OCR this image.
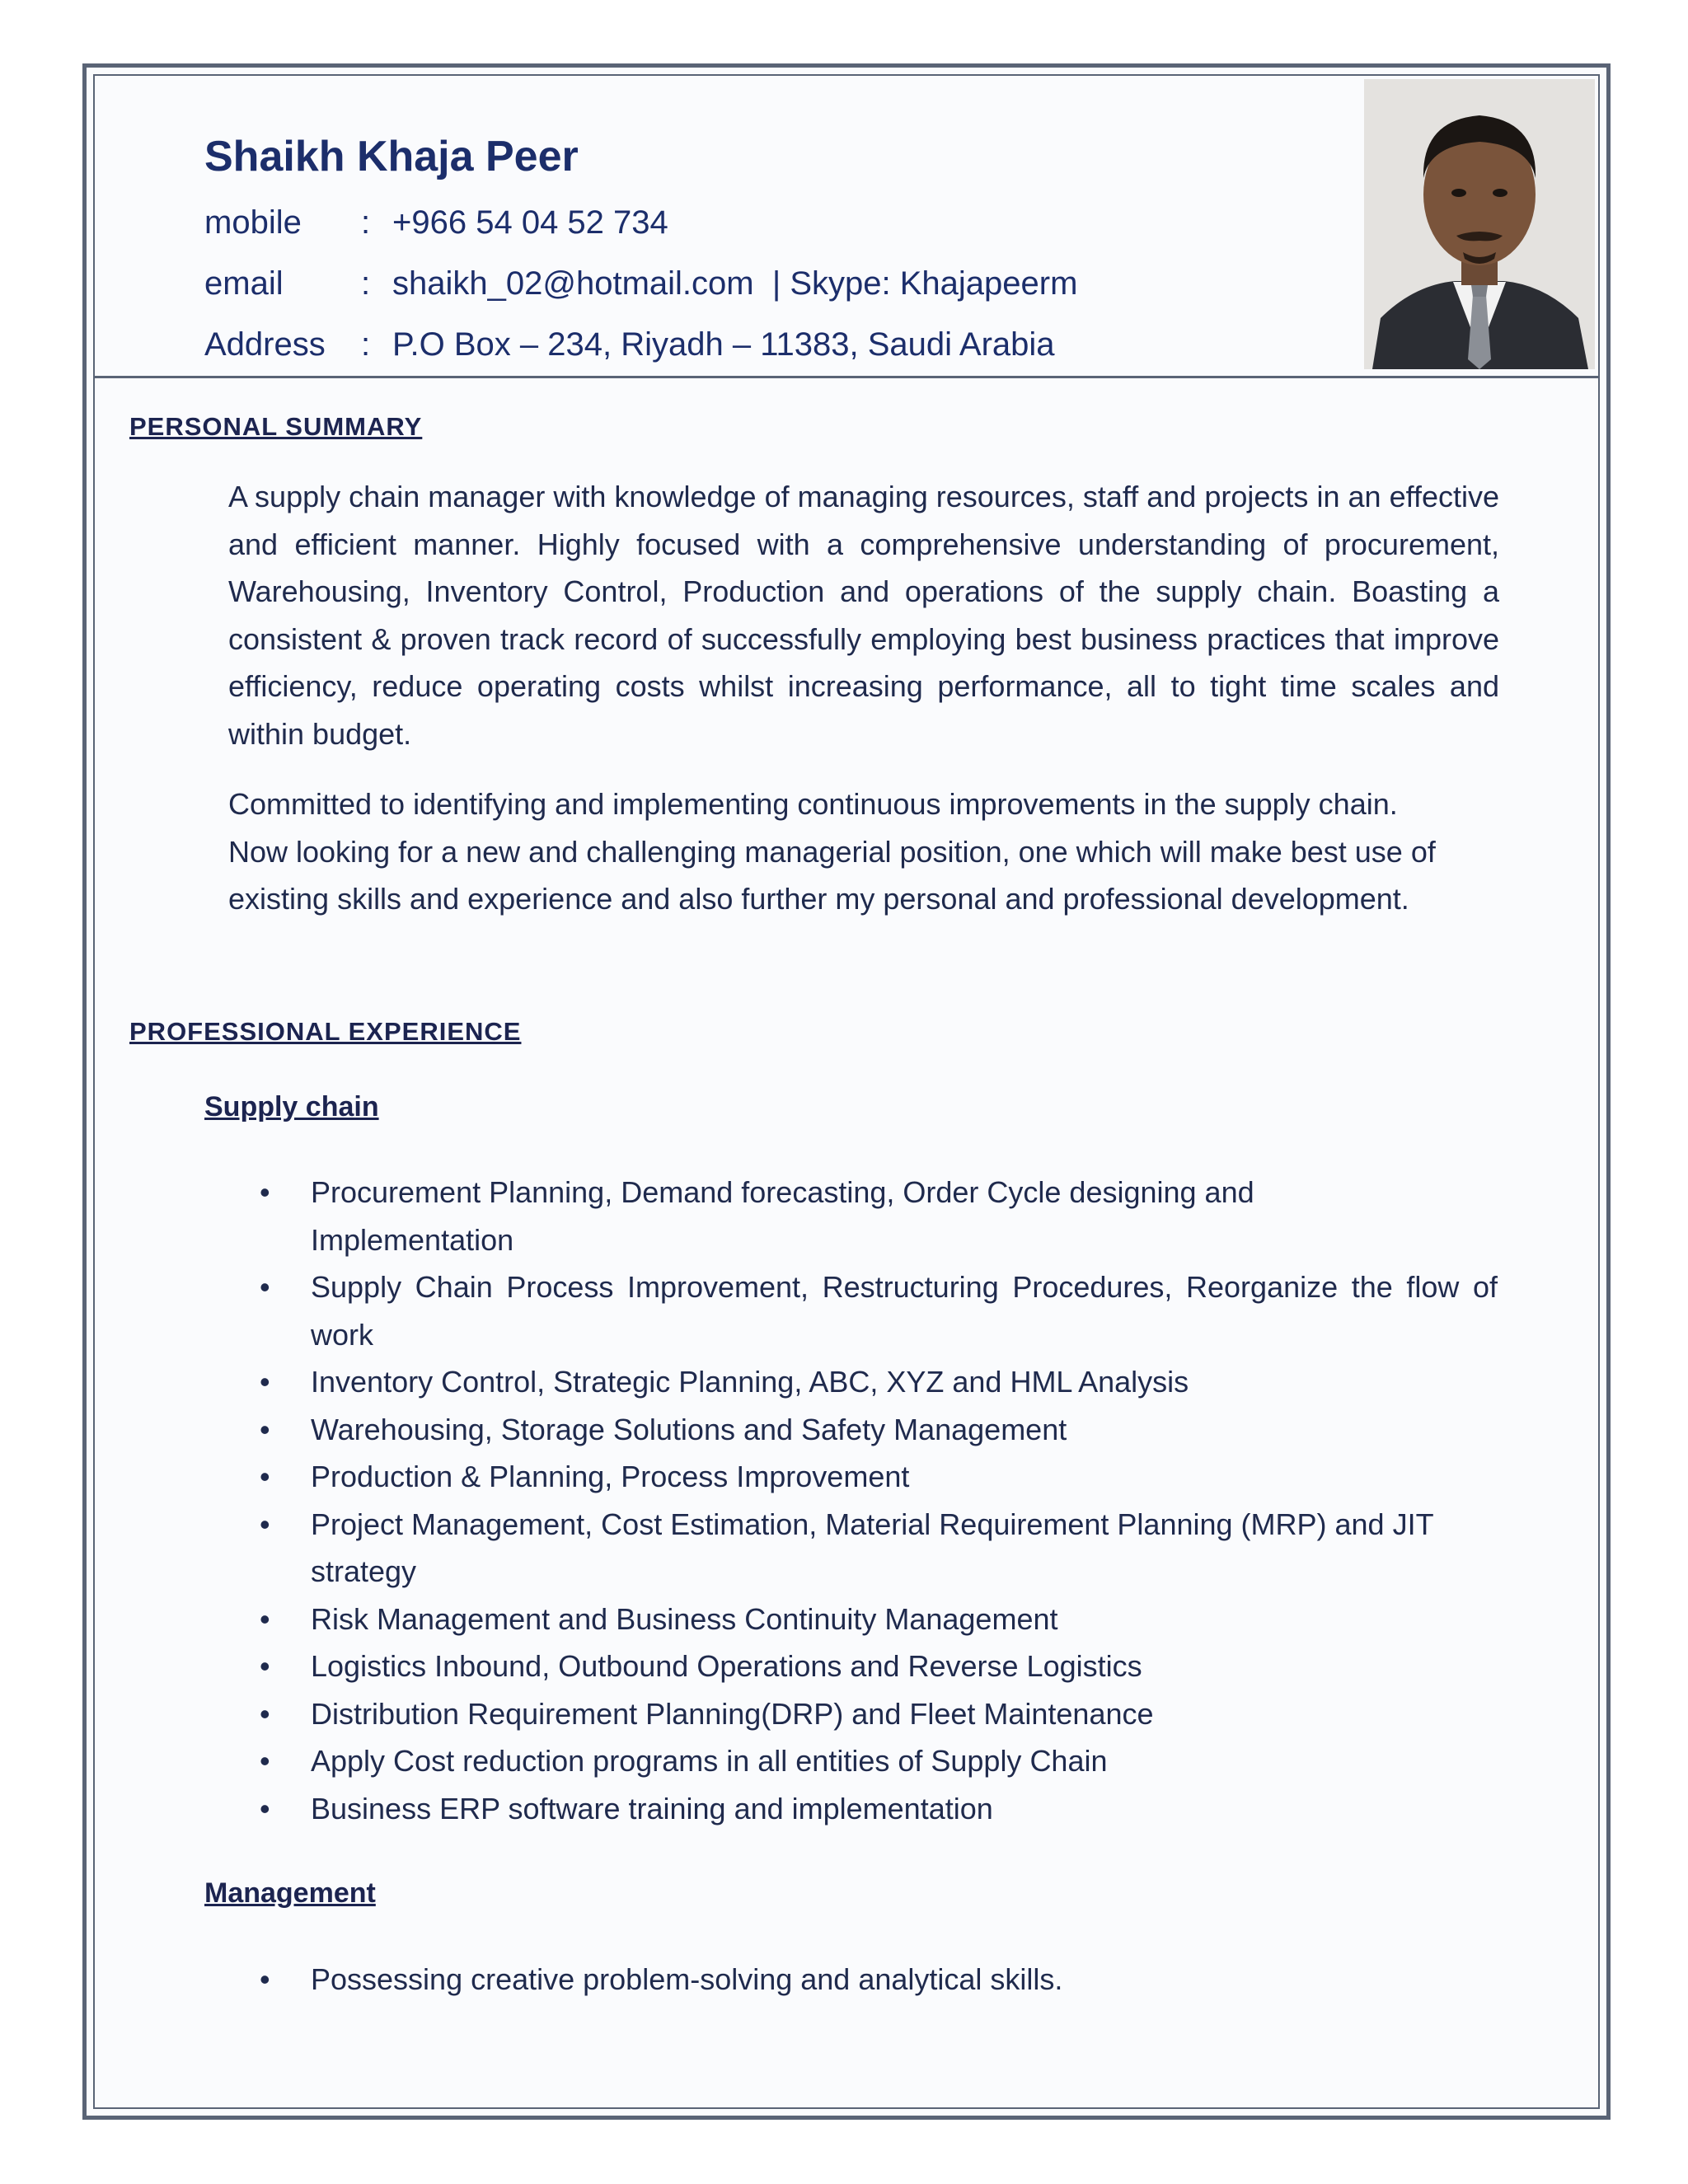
Shaikh Khaja Peer
mobile : +966 54 04 52 734
email : shaikh_02@hotmail.com  | Skype: Khajapeerm
Address : P.O Box – 234, Riyadh – 11383, Saudi Arabia
PERSONAL SUMMARY

A supply chain manager with knowledge of managing resources, staff and projects in an effective and efficient manner. Highly focused with a comprehensive understanding of procurement, Warehousing, Inventory Control, Production and operations of the supply chain. Boasting a consistent & proven track record of successfully employing best business practices that improve efficiency, reduce operating costs whilst increasing performance, all to tight time scales and within budget.

Committed to identifying and implementing continuous improvements in the supply chain. Now looking for a new and challenging managerial position, one which will make best use of existing skills and experience and also further my personal and professional development.

PROFESSIONAL EXPERIENCE
Supply chain
• Procurement Planning, Demand forecasting, Order Cycle designing and Implementation
• Supply Chain Process Improvement, Restructuring Procedures, Reorganize the flow of work
• Inventory Control, Strategic Planning, ABC, XYZ and HML Analysis
• Warehousing, Storage Solutions and Safety Management
• Production & Planning, Process Improvement
• Project Management, Cost Estimation, Material Requirement Planning (MRP) and JIT strategy
• Risk Management and Business Continuity Management
• Logistics Inbound, Outbound Operations and Reverse Logistics
• Distribution Requirement Planning(DRP) and Fleet Maintenance
• Apply Cost reduction programs in all entities of Supply Chain
• Business ERP software training and implementation
Management
• Possessing creative problem-solving and analytical skills.
